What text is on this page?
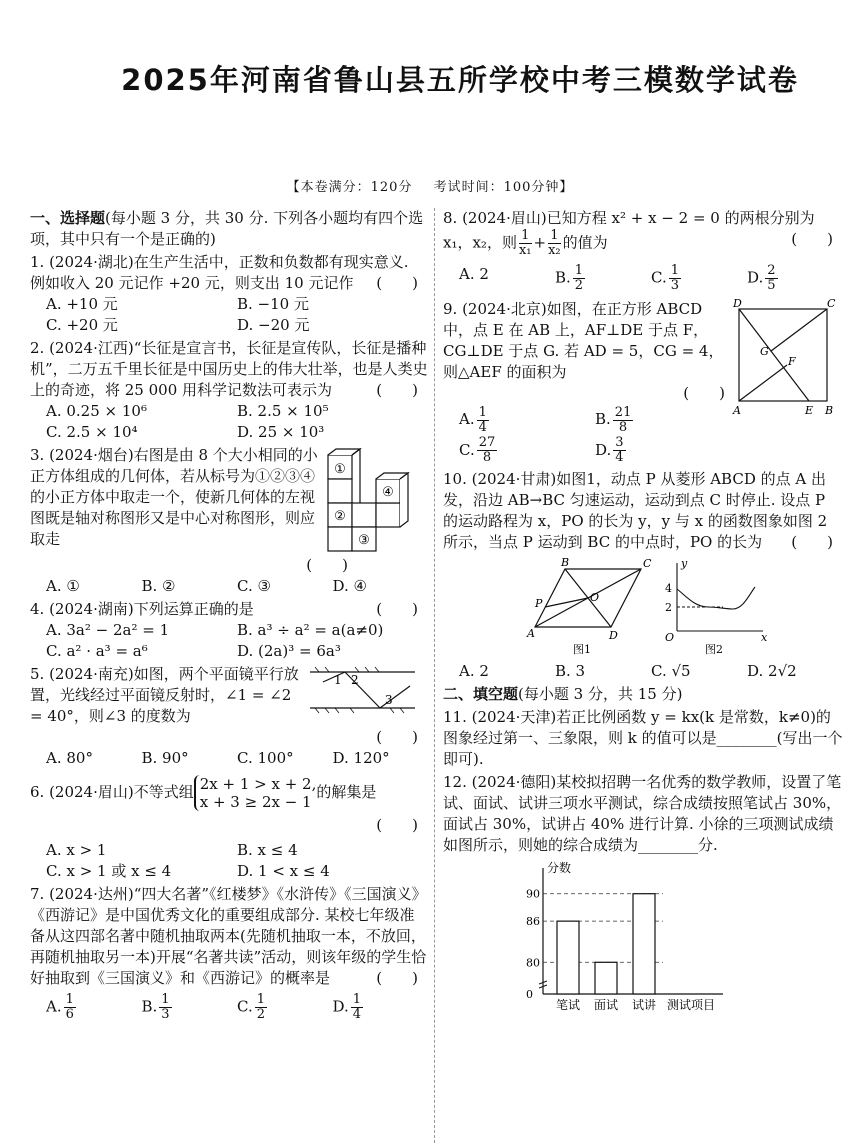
2025年河南省鲁山县五所学校中考三模数学试卷
【本卷满分：120分 考试时间：100分钟】
一、选择题(每小题 3 分，共 30 分. 下列各小题均有四个选项，其中只有一个是正确的)
1. (2024·湖北)在生产生活中，正数和负数都有现实意义. 例如收入 20 元记作 +20 元，则支出 10 元记作 (　　)
A. +10 元	B. −10 元
C. +20 元	D. −20 元
2. (2024·江西)“长征是宣言书，长征是宣传队，长征是播种机”，二万五千里长征是中国历史上的伟大壮举，也是人类史上的奇迹，将 25 000 用科学记数法可表示为	(　　)
A. 0.25 × 10⁶	B. 2.5 × 10⁵
C. 2.5 × 10⁴	D. 25 × 10³
3. (2024·烟台)右图是由 8 个大小相同的小正方体组成的几何体，若从标号为①②③④的小正方体中取走一个，使新几何体的左视图既是轴对称图形又是中心对称图形，则应取走
①
②
③
④
(　　)
A. ①	B. ②	C. ③	D. ④
4. (2024·湖南)下列运算正确的是	(　　)
A. 3a² − 2a² = 1	B. a³ ÷ a² = a(a≠0)
C. a² · a³ = a⁶	D. (2a)³ = 6a³
5. (2024·南充)如图，两个平面镜平行放置，光线经过平面镜反射时，∠1 = ∠2 = 40°，则∠3 的度数为
1 2
3
(　　)

A. 80°	B. 90°	C. 100°	D. 120°
6. (2024·眉山)不等式组 2x + 1 > x + 2,
x + 3 ≥ 2x − 1
的解集是
(　　)
A. x > 1	B. x ≤ 4
C. x > 1 或 x ≤ 4	D. 1 < x ≤ 4
7. (2024·达州)“四大名著”《红楼梦》《水浒传》《三国演义》《西游记》是中国优秀文化的重要组成部分. 某校七年级准备从这四部名著中随机抽取两本(先随机抽取一本，不放回，再随机抽取另一本)开展“名著共读”活动，则该年级的学生恰好抽取到《三国演义》和《西游记》的概率是	(　　)
A. $\frac{1}{6}$	B. $\frac{1}{3}$	C. $\frac{1}{2}$	D. $\frac{1}{4}$
8. (2024·眉山)已知方程 x² + x − 2 = 0 的两根分别为 x₁，x₂，则 $\frac{1}{\text{x₁}} + \frac{1}{\text{x₂}}$ 的值为	(　　)
A. 2	B. $\frac{1}{2}$	C. $\frac{1}{3}$	D. $\frac{2}{5}$
9. (2024·北京)如图，在正方形 ABCD 中，点 E 在 AB 上，AF⊥DE 于点 F，CG⊥DE 于点 G. 若 AD = 5，CG = 4，则△AEF 的面积为
(　　)
A. $\frac{1}{4}$	B. $\frac{21}{8}$
C. $\frac{27}{8}$	D. $\frac{3}{4}$
D	C
G
F
A	E B
10. (2024·甘肃)如图1，动点 P 从菱形 ABCD 的点 A 出发，沿边 AB→BC 匀速运动，运动到点 C 时停止. 设点 P 的运动路程为 x，PO 的长为 y，y 与 x 的函数图象如图 2 所示，当点 P 运动到 BC 的中点时，PO 的长为 (　　)
B	C
P	O
A	D
图1
y
4
2
O	x
图2
A. 2	B. 3	C. √5	D. 2√2
二、填空题(每小题 3 分，共 15 分)
11. (2024·天津)若正比例函数 y = kx(k 是常数，k≠0)的图象经过第一、三象限，则 k 的值可以是________(写出一个即可).
12. (2024·德阳)某校拟招聘一名优秀的数学教师，设置了笔试、面试、试讲三项水平测试，综合成绩按照笔试占 30%，面试占 30%，试讲占 40% 进行计算. 小徐的三项测试成绩如图所示，则她的综合成绩为________分.
分数
0
80
86
90
笔试 面试 试讲 测试项目
